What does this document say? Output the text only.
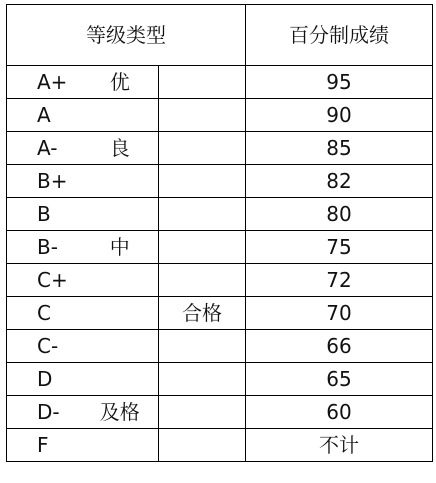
等级类型			百分制成绩
A+	优		95
A			90
A-	良		85
B+			82
B			80
B-	中		75
C+			72
C		合格	70
C-			66
D			65
D-	及格		60
F			不计
